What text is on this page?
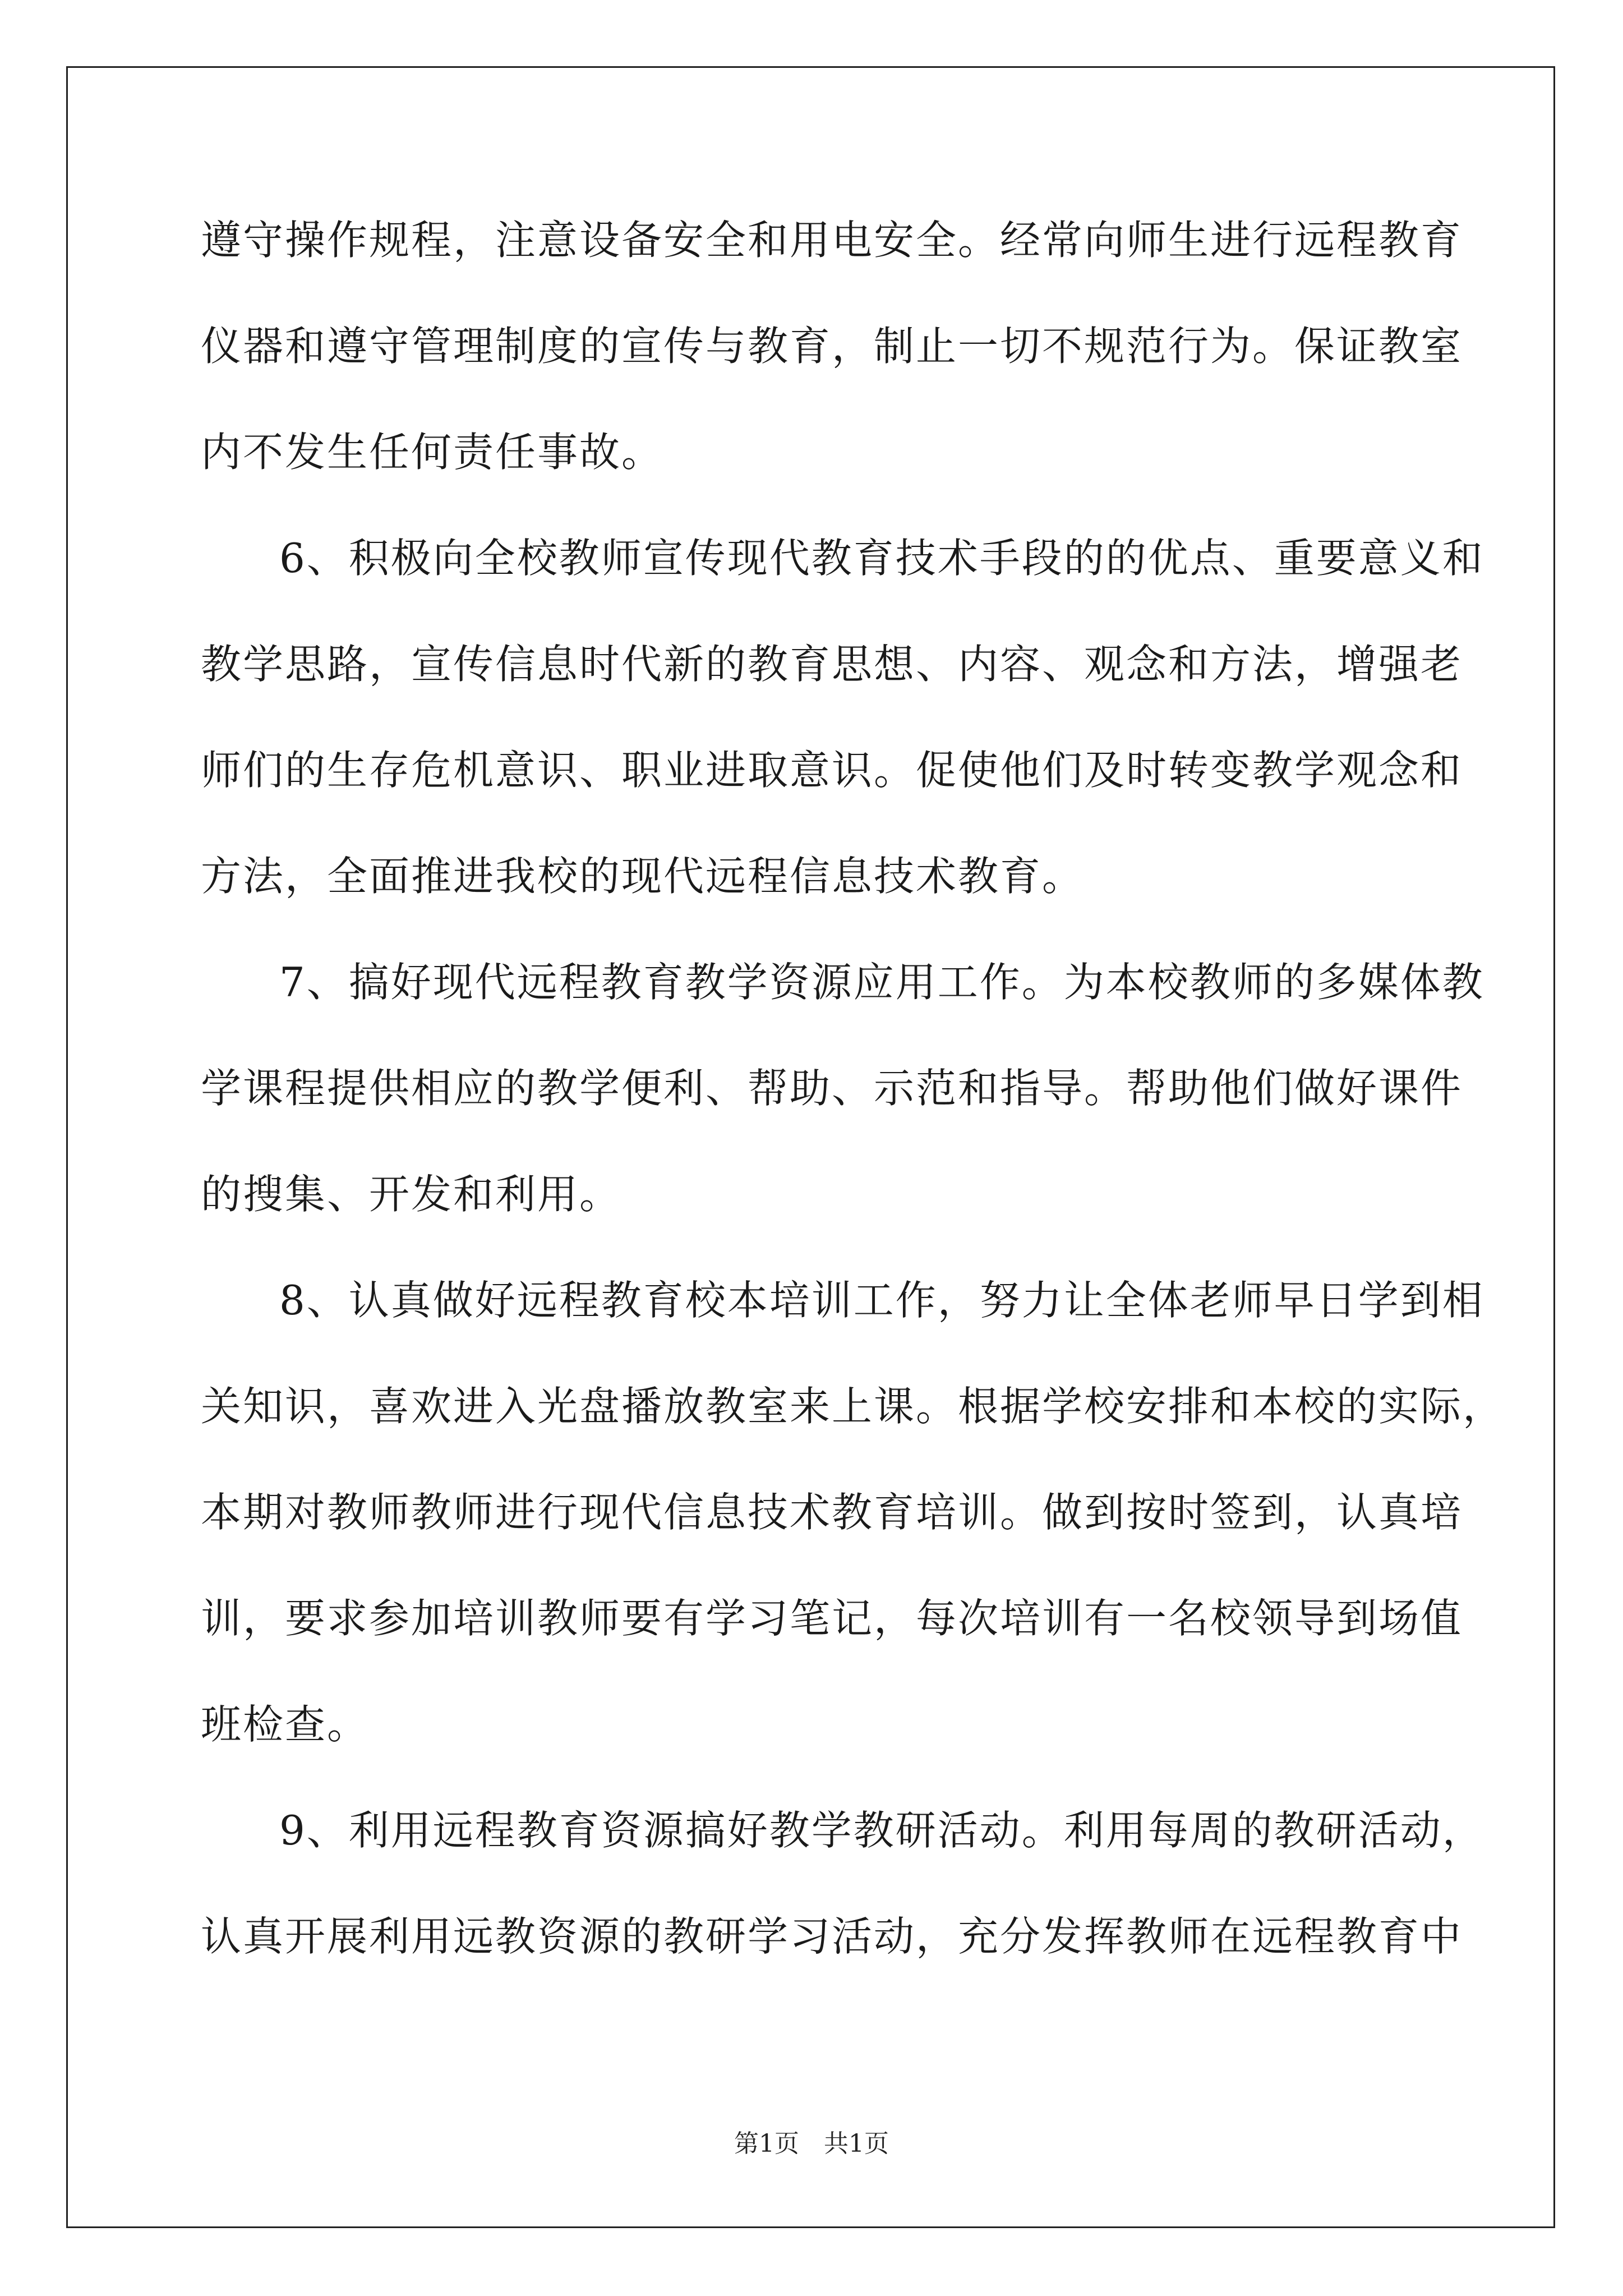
遵守操作规程，注意设备安全和用电安全。经常向师生进行远程教育
仪器和遵守管理制度的宣传与教育，制止一切不规范行为。保证教室
内不发生任何责任事故。
6、积极向全校教师宣传现代教育技术手段的的优点、重要意义和
教学思路，宣传信息时代新的教育思想、内容、观念和方法，增强老
师们的生存危机意识、职业进取意识。促使他们及时转变教学观念和
方法，全面推进我校的现代远程信息技术教育。
7、搞好现代远程教育教学资源应用工作。为本校教师的多媒体教
学课程提供相应的教学便利、帮助、示范和指导。帮助他们做好课件
的搜集、开发和利用。
8、认真做好远程教育校本培训工作，努力让全体老师早日学到相
关知识，喜欢进入光盘播放教室来上课。根据学校安排和本校的实际，
本期对教师教师进行现代信息技术教育培训。做到按时签到，认真培
训，要求参加培训教师要有学习笔记，每次培训有一名校领导到场值
班检查。
9、利用远程教育资源搞好教学教研活动。利用每周的教研活动，
认真开展利用远教资源的教研学习活动，充分发挥教师在远程教育中
第1页　共1页
